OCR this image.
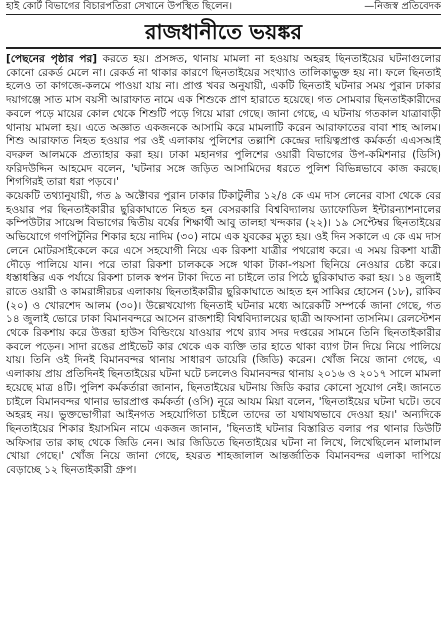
হাই কোর্ট বিভাগের বিচারপতিরা সেখানে উপস্থিত ছিলেন।	—নিজস্ব প্রতিবেদক
রাজধানীতে ভয়ঙ্কর

[পেছনের পৃষ্ঠার পর] করতে হয়। প্রসঙ্গত, থানায় মামলা না হওয়ায় অহরহ ছিনতাইয়ের ঘটনাগুলোর কোনো রেকর্ড মেলে না। রেকর্ড না থাকার কারণে ছিনতাইয়ের সংখ্যাও তালিকাভুক্ত হয় না। ফলে ছিনতাই হলেও তা কাগজে-কলমে পাওয়া যায় না। প্রাপ্ত খবর অনুযায়ী, একটি ছিনতাই ঘটনার সময় পুরান ঢাকার দয়াগঞ্জে সাত মাস বয়সী আরাফাত নামে এক শিশুকে প্রাণ হারাতে হয়েছে। গত সোমবার ছিনতাইকারীদের কবলে পড়ে মায়ের কোল থেকে শিশুটি পড়ে গিয়ে মারা গেছে। জানা গেছে, এ ঘটনায় গতকাল যাত্রাবাড়ী থানায় মামলা হয়। এতে অজ্ঞাত একজনকে আসামি করে মামলাটি করেন আরাফাতের বাবা শাহ আলম। শিশু আরাফাত নিহত হওয়ার পর ওই এলাকায় পুলিশের তল্লাশি কেন্দ্রের দায়িত্বপ্রাপ্ত কর্মকর্তা এএসআই বদরুল আলমকে প্রত্যাহার করা হয়। ঢাকা মহানগর পুলিশের ওয়ারী বিভাগের উপ-কমিশনার (ডিসি) ফরিদউদ্দিন আহমেদ বলেন, 'ঘটনার সঙ্গে জড়িত আসামিদের ধরতে পুলিশ বিভিন্নভাবে কাজ করছে। শিগগিরই তারা ধরা পড়বে।'

কয়েকটি তথ্যানুযায়ী, গত ৯ অক্টোবর পুরান ঢাকার টিকাটুলীর ১২/৪ কে এম দাস লেনের বাসা থেকে বের হওয়ার পর ছিনতাইকারীর ছুরিকাঘাতে নিহত হন বেসরকারি বিশ্ববিদ্যালয় ড্যাফোডিল ইন্টারন্যাশনালের কম্পিউটার সায়েন্স বিভাগের দ্বিতীয় বর্ষের শিক্ষার্থী আবু তালহা খন্দকার (২২)। ১৯ সেপ্টেম্বর ছিনতাইয়ের অভিযোগে গণপিটুনির শিকার হয়ে নাদিম (৩০) নামে এক যুবকের মৃত্যু হয়। ওই দিন সকালে এ কে এম দাস লেনে মোটরসাইকেলে করে এসে সহযোগী নিয়ে এক রিকশা যাত্রীর পথরোধ করে। এ সময় রিকশা যাত্রী দৌড়ে পালিয়ে যান। পরে তারা রিকশা চালককে সঙ্গে থাকা টাকা-পয়সা ছিনিয়ে নেওয়ার চেষ্টা করে। ধস্তাধস্তির এক পর্যায়ে রিকশা চালক স্বপন টাকা দিতে না চাইলে তার পিঠে ছুরিকাঘাত করা হয়। ১৪ জুলাই রাতে ওয়ারী ও কামরাঙ্গীরচর এলাকায় ছিনতাইকারীর ছুরিকাঘাতে আহত হন সাব্বির হোসেন (১৮), রাকিব (২০) ও খোরশেদ আলম (৩০)। উল্লেখযোগ্য ছিনতাই ঘটনার মধ্যে আরেকটি সম্পর্কে জানা গেছে, গত ১৪ জুলাই ভোরে ঢাকা বিমানবন্দরে আসেন রাজশাহী বিশ্ববিদ্যালয়ের ছাত্রী আফসানা তাসনিম। রেলস্টেশন থেকে রিকশায় করে উত্তরা হাউস বিল্ডিংয়ে যাওয়ার পথে র‍্যাব সদর দপ্তরের সামনে তিনি ছিনতাইকারীর কবলে পড়েন। সাদা রঙের প্রাইভেট কার থেকে এক ব্যক্তি তার হাতে থাকা ব্যাগ টান দিয়ে নিয়ে পালিয়ে যায়। তিনি ওই দিনই বিমানবন্দর থানায় সাধারণ ডায়েরি (জিডি) করেন। খোঁজ নিয়ে জানা গেছে, এ এলাকায় প্রায় প্রতিদিনই ছিনতাইয়ের ঘটনা ঘটে চললেও বিমানবন্দর থানায় ২০১৬ ও ২০১৭ সালে মামলা হয়েছে মাত্র ৪টি। পুলিশ কর্মকর্তারা জানান, ছিনতাইয়ের ঘটনায় জিডি করার কোনো সুযোগ নেই। জানতে চাইলে বিমানবন্দর থানার ভারপ্রাপ্ত কর্মকর্তা (ওসি) নূরে আযম মিয়া বলেন, 'ছিনতাইয়ের ঘটনা ঘটে। তবে অহরহ নয়। ভুক্তভোগীরা আইনগত সহযোগিতা চাইলে তাদের তা যথাযথভাবে দেওয়া হয়।' অন্যদিকে ছিনতাইয়ের শিকার ইয়াসমিন নামে একজন জানান, 'ছিনতাই ঘটনার বিস্তারিত বলার পর থানার ডিউটি অফিসার তার কাছ থেকে জিডি নেন। আর জিডিতে ছিনতাইয়ের ঘটনা না লিখে, লিখেছিলেন মালামাল খোয়া গেছে।' খোঁজ নিয়ে জানা গেছে, হযরত শাহজালাল আন্তর্জাতিক বিমানবন্দর এলাকা দাপিয়ে বেড়াচ্ছে ১২ ছিনতাইকারী গ্রুপ।
